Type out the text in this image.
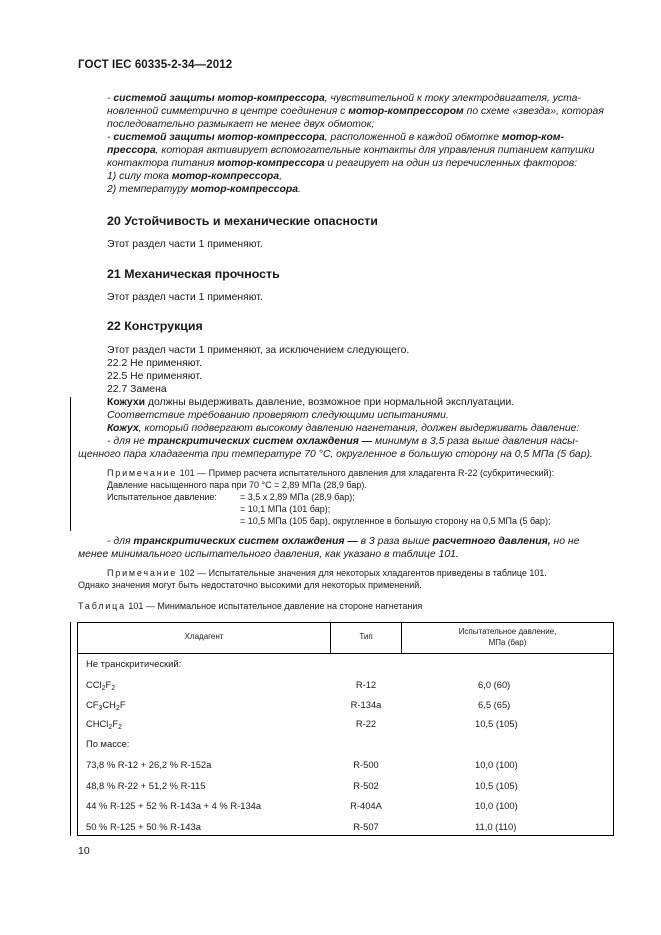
ГОСТ IEC 60335-2-34—2012
- системой защиты мотор-компрессора, чувствительной к току электродвигателя, уста-
новленной симметрично в центре соединения с мотор-компрессором по схеме «звезда», которая
последовательно размыкает не менее двух обмоток;
- системой защиты мотор-компрессора, расположенной в каждой обмотке мотор-ком-
прессора, которая активирует вспомогательные контакты для управления питанием катушки
контактора питания мотор-компрессора и реагирует на один из перечисленных факторов:
1) силу тока мотор-компрессора,
2) температуру мотор-компрессора.
20 Устойчивость и механические опасности
Этот раздел части 1 применяют.
21 Механическая прочность
Этот раздел части 1 применяют.
22 Конструкция
Этот раздел части 1 применяют, за исключением следующего.
22.2 Не применяют.
22.5 Не применяют.
22.7 Замена
Кожухи должны выдерживать давление, возможное при нормальной эксплуатации.
Соответствие требованию проверяют следующими испытаниями.
Кожух, который подвергают высокому давлению нагнетания, должен выдерживать давление:
- для не транскритических систем охлаждения — минимум в 3,5 раза выше давления насы-
щенного пара хладагента при температуре 70 °С, округленное в большую сторону на 0,5 МПа (5 бар).
Примечание 101 — Пример расчета испытательного давления для хладагента R-22 (субкритический):
Давление насыщенного пара при 70 °С = 2,89 МПа (28,9 бар).
Испытательное давление:	= 3,5 х 2,89 МПа (28,9 бар);
= 10,1 МПа (101 бар);
= 10,5 МПа (105 бар), округленное в большую сторону на 0,5 МПа (5 бар);
- для транскритических систем охлаждения — в 3 раза выше расчетного давления, но не
менее минимального испытательного давления, как указано в таблице 101.
Примечание 102 — Испытательные значения для некоторых хладагентов приведены в таблице 101.
Однако значения могут быть недостаточно высокими для некоторых применений.
Таблица 101 — Минимальное испытательное давление на стороне нагнетания
Хладагент	Тип
Испытательное давление,
МПа (бар)
Не транскритический:
$CCl_2F_2$	R-12	6,0 (60)
$CF_3CH_2F$	R-134a	6,5 (65)
$CHCl_2F_2$	R-22	10,5 (105)
По массе:
73,8 % R-12 + 26,2 % R-152a	R-500	10,0 (100)
48,8 % R-22 + 51,2 % R-115	R-502	10,5 (105)
44 % R-125 + 52 % R-143a + 4 % R-134a	R-404A	10,0 (100)
50 % R-125 + 50 % R-143a	R-507	11,0 (110)
10
